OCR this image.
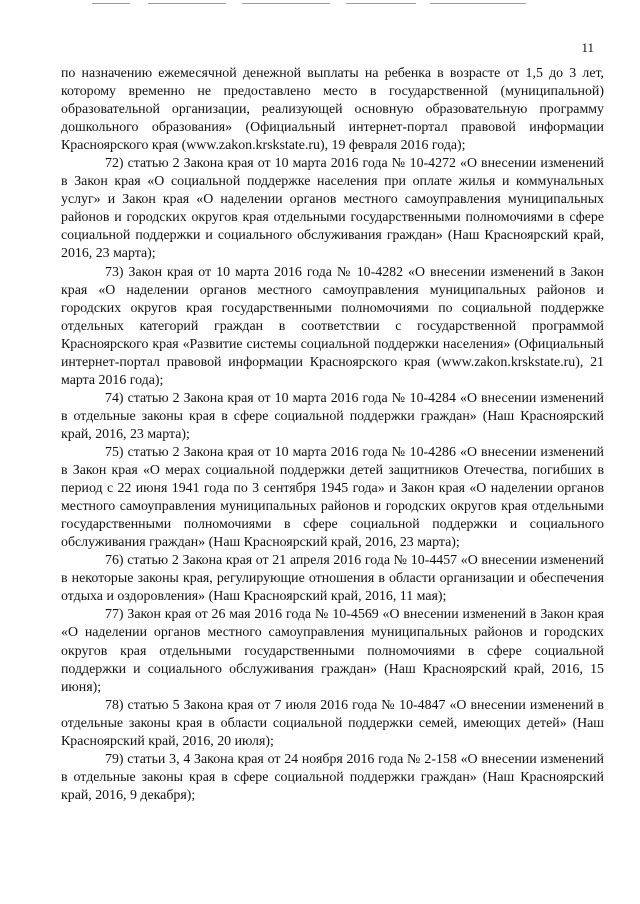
11

по назначению ежемесячной денежной выплаты на ребенка в возрасте от 1,5 до 3 лет, которому временно не предоставлено место в государственной (муниципальной) образовательной организации, реализующей основную образовательную программу дошкольного образования» (Официальный интернет-портал правовой информации Красноярского края (www.zakon.krskstate.ru), 19 февраля 2016 года);

72) статью 2 Закона края от 10 марта 2016 года № 10-4272 «О внесении изменений в Закон края «О социальной поддержке населения при оплате жилья и коммунальных услуг» и Закон края «О наделении органов местного самоуправления муниципальных районов и городских округов края отдельными государственными полномочиями в сфере социальной поддержки и социального обслуживания граждан» (Наш Красноярский край, 2016, 23 марта);

73) Закон края от 10 марта 2016 года № 10-4282 «О внесении изменений в Закон края «О наделении органов местного самоуправления муниципальных районов и городских округов края государственными полномочиями по социальной поддержке отдельных категорий граждан в соответствии с государственной программой Красноярского края «Развитие системы социальной поддержки населения» (Официальный интернет-портал правовой информации Красноярского края (www.zakon.krskstate.ru), 21 марта 2016 года);

74) статью 2 Закона края от 10 марта 2016 года № 10-4284 «О внесении изменений в отдельные законы края в сфере социальной поддержки граждан» (Наш Красноярский край, 2016, 23 марта);

75) статью 2 Закона края от 10 марта 2016 года № 10-4286 «О внесении изменений в Закон края «О мерах социальной поддержки детей защитников Отечества, погибших в период с 22 июня 1941 года по 3 сентября 1945 года» и Закон края «О наделении органов местного самоуправления муниципальных районов и городских округов края отдельными государственными полномочиями в сфере социальной поддержки и социального обслуживания граждан» (Наш Красноярский край, 2016, 23 марта);

76) статью 2 Закона края от 21 апреля 2016 года № 10-4457 «О внесении изменений в некоторые законы края, регулирующие отношения в области организации и обеспечения отдыха и оздоровления» (Наш Красноярский край, 2016, 11 мая);

77) Закон края от 26 мая 2016 года № 10-4569 «О внесении изменений в Закон края «О наделении органов местного самоуправления муниципальных районов и городских округов края отдельными государственными полномочиями в сфере социальной поддержки и социального обслуживания граждан» (Наш Красноярский край, 2016, 15 июня);

78) статью 5 Закона края от 7 июля 2016 года № 10-4847 «О внесении изменений в отдельные законы края в области социальной поддержки семей, имеющих детей» (Наш Красноярский край, 2016, 20 июля);

79) статьи 3, 4 Закона края от 24 ноября 2016 года № 2-158 «О внесении изменений в отдельные законы края в сфере социальной поддержки граждан» (Наш Красноярский край, 2016, 9 декабря);
